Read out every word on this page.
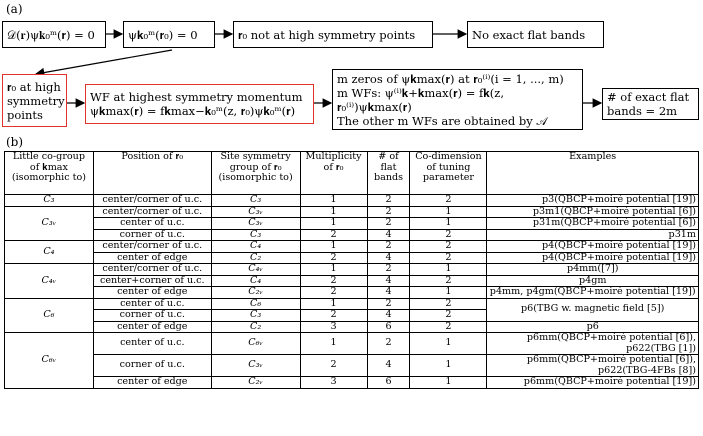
(a)
𝒟(𝐫)ψ𝐤₀ᵐ(𝐫) = 0	ψ𝐤₀ᵐ(𝐫₀) = 0	𝐫₀ not at high symmetry points	No exact flat bands
𝐫₀ at high
symmetry
points
WF at highest symmetry momentum
ψ𝐤max(𝐫) = f𝐤max−𝐤₀ᵐ(z, 𝐫₀)ψ𝐤₀ᵐ(𝐫)
m zeros of ψ𝐤max(𝐫) at 𝐫₀⁽ⁱ⁾(i = 1, ..., m)
m WFs: ψ⁽ⁱ⁾𝐤+𝐤max(𝐫) = f𝐤(z, 𝐫₀⁽ⁱ⁾)ψ𝐤max(𝐫)
The other m WFs are obtained by 𝒜
# of exact flat
bands = 2m
(b)
Little co-group of 𝐤max (isomorphic to)	Position of 𝐫₀	Site symmetry group of 𝐫₀ (isomorphic to)	Multiplicity of 𝐫₀	# of flat bands	Co-dimension of tuning parameter	Examples
C₃	center/corner of u.c.	C₃	1	2	2	p3(QBCP+moiré potential [19])
C₃ᵥ	center/corner of u.c.	C₃ᵥ	1	2	1	p3m1(QBCP+moiré potential [6])
	center of u.c.	C₃ᵥ	1	2	1	p31m(QBCP+moiré potential [6])
	corner of u.c.	C₃	2	4	2	p31m
C₄	center/corner of u.c.	C₄	1	2	2	p4(QBCP+moiré potential [19])
	center of edge	C₂	2	4	2	p4(QBCP+moiré potential [19])
C₄ᵥ	center/corner of u.c.	C₄ᵥ	1	2	1	p4mm([7])
	center+corner of u.c.	C₄	2	4	2	p4gm
	center of edge	C₂ᵥ	2	4	1	p4mm, p4gm(QBCP+moiré potential [19])
C₆	center of u.c.	C₆	1	2	2	p6(TBG w. magnetic field [5])
	corner of u.c.	C₃	2	4	2	
	center of edge	C₂	3	6	2	p6
C₆ᵥ	center of u.c.	C₆ᵥ	1	2	1	p6mm(QBCP+moiré potential [6]), p622(TBG [1])
	corner of u.c.	C₃ᵥ	2	4	1	p6mm(QBCP+moiré potential [6]), p622(TBG-4FBs [8])
	center of edge	C₂ᵥ	3	6	1	p6mm(QBCP+moiré potential [19])
